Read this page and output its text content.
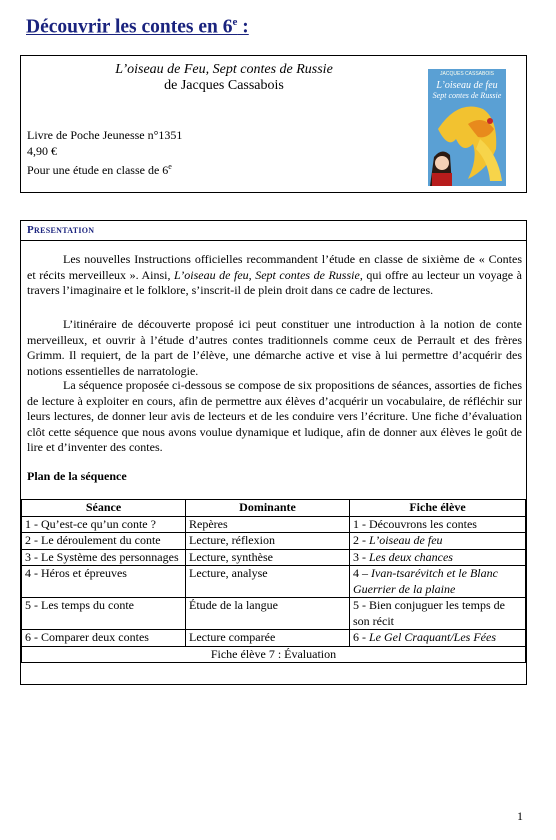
Découvrir les contes en 6e :
L’oiseau de Feu, Sept contes de Russie
de Jacques Cassabois
Livre de Poche Jeunesse n°1351
4,90 €
Pour une étude en classe de 6e
JACQUES CASSABOIS
L’oiseau de feu
Sept contes de Russie
Presentation

Les nouvelles Instructions officielles recommandent l’étude en classe de sixième de « Contes et récits merveilleux ». Ainsi, L’oiseau de feu, Sept contes de Russie, qui offre au lecteur un voyage à travers l’imaginaire et le folklore, s’inscrit-il de plein droit dans ce cadre de lectures.

L’itinéraire de découverte proposé ici peut constituer une introduction à la notion de conte merveilleux, et ouvrir à l’étude d’autres contes traditionnels comme ceux de Perrault et des frères Grimm. Il requiert, de la part de l’élève, une démarche active et vise à lui permettre d’acquérir des notions essentielles de narratologie.

La séquence proposée ci-dessous se compose de six propositions de séances, assorties de fiches de lecture à exploiter en cours, afin de permettre aux élèves d’acquérir un vocabulaire, de réfléchir sur leurs lectures, de donner leur avis de lecteurs et de les conduire vers l’écriture. Une fiche d’évaluation clôt cette séquence que nous avons voulue dynamique et ludique, afin de donner aux élèves le goût de lire et d’inventer des contes.

Plan de la séquence
Séance	Dominante	Fiche élève
1 - Qu’est-ce qu’un conte ?	Repères	1 - Découvrons les contes
2 - Le déroulement du conte	Lecture, réflexion	2 - L’oiseau de feu
3 - Le Système des personnages	Lecture, synthèse	3 - Les deux chances
4 - Héros et épreuves	Lecture, analyse	4 – Ivan-tsarévitch et le Blanc Guerrier de la plaine
5 - Les temps du conte	Étude de la langue	5 - Bien conjuguer les temps de son récit
6 - Comparer deux contes	Lecture comparée	6 - Le Gel Craquant/Les Fées
Fiche élève 7 : Évaluation		
1
